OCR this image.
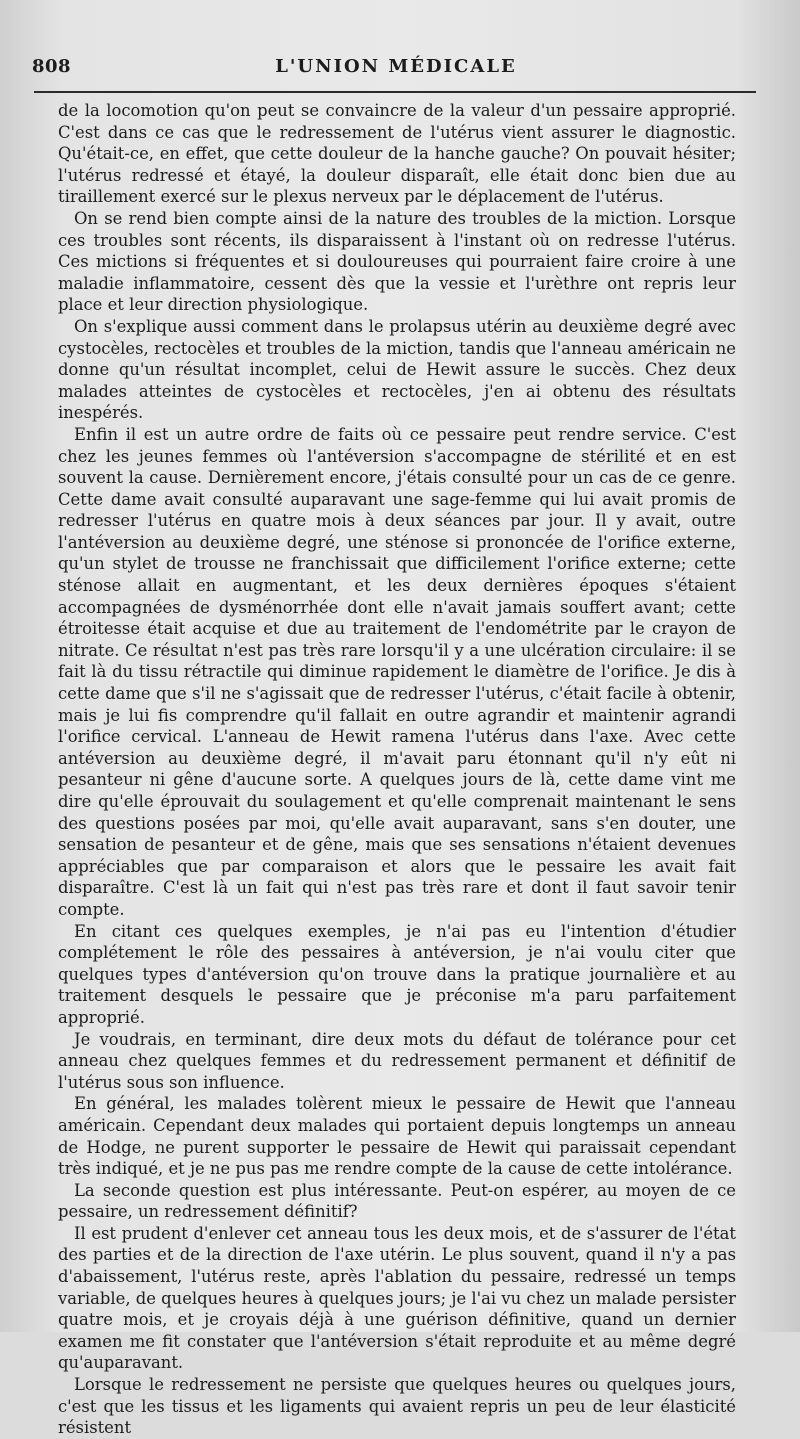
808	L'UNION MÉDICALE

de la locomotion qu'on peut se convaincre de la valeur d'un pessaire approprié. C'est dans ce cas que le redressement de l'utérus vient assurer le diagnostic. Qu'était-ce, en effet, que cette douleur de la hanche gauche? On pouvait hésiter; l'utérus redressé et étayé, la douleur disparaît, elle était donc bien due au tiraillement exercé sur le plexus nerveux par le déplacement de l'utérus.

On se rend bien compte ainsi de la nature des troubles de la miction. Lorsque ces troubles sont récents, ils disparaissent à l'instant où on redresse l'utérus. Ces mictions si fréquentes et si douloureuses qui pourraient faire croire à une maladie inflammatoire, cessent dès que la vessie et l'urèthre ont repris leur place et leur direction physiologique.

On s'explique aussi comment dans le prolapsus utérin au deuxième degré avec cystocèles, rectocèles et troubles de la miction, tandis que l'anneau américain ne donne qu'un résultat incomplet, celui de Hewit assure le succès. Chez deux malades atteintes de cystocèles et rectocèles, j'en ai obtenu des résultats inespérés.

Enfin il est un autre ordre de faits où ce pessaire peut rendre service. C'est chez les jeunes femmes où l'antéversion s'accompagne de stérilité et en est souvent la cause. Dernièrement encore, j'étais consulté pour un cas de ce genre. Cette dame avait consulté auparavant une sage-femme qui lui avait promis de redresser l'utérus en quatre mois à deux séances par jour. Il y avait, outre l'antéversion au deuxième degré, une sténose si prononcée de l'orifice externe, qu'un stylet de trousse ne franchissait que difficilement l'orifice externe; cette sténose allait en augmentant, et les deux dernières époques s'étaient accompagnées de dysménorrhée dont elle n'avait jamais souffert avant; cette étroitesse était acquise et due au traitement de l'endométrite par le crayon de nitrate. Ce résultat n'est pas très rare lorsqu'il y a une ulcération circulaire: il se fait là du tissu rétractile qui diminue rapidement le diamètre de l'orifice. Je dis à cette dame que s'il ne s'agissait que de redresser l'utérus, c'était facile à obtenir, mais je lui fis comprendre qu'il fallait en outre agrandir et maintenir agrandi l'orifice cervical. L'anneau de Hewit ramena l'utérus dans l'axe. Avec cette antéversion au deuxième degré, il m'avait paru étonnant qu'il n'y eût ni pesanteur ni gêne d'aucune sorte. A quelques jours de là, cette dame vint me dire qu'elle éprouvait du soulagement et qu'elle comprenait maintenant le sens des questions posées par moi, qu'elle avait auparavant, sans s'en douter, une sensation de pesanteur et de gêne, mais que ses sensations n'étaient devenues appréciables que par comparaison et alors que le pessaire les avait fait disparaître. C'est là un fait qui n'est pas très rare et dont il faut savoir tenir compte.

En citant ces quelques exemples, je n'ai pas eu l'intention d'étudier complétement le rôle des pessaires à antéversion, je n'ai voulu citer que quelques types d'antéversion qu'on trouve dans la pratique journalière et au traitement desquels le pessaire que je préconise m'a paru parfaitement approprié.

Je voudrais, en terminant, dire deux mots du défaut de tolérance pour cet anneau chez quelques femmes et du redressement permanent et définitif de l'utérus sous son influence.

En général, les malades tolèrent mieux le pessaire de Hewit que l'anneau américain. Cependant deux malades qui portaient depuis longtemps un anneau de Hodge, ne purent supporter le pessaire de Hewit qui paraissait cependant très indiqué, et je ne pus pas me rendre compte de la cause de cette intolérance.

La seconde question est plus intéressante. Peut-on espérer, au moyen de ce pessaire, un redressement définitif?

Il est prudent d'enlever cet anneau tous les deux mois, et de s'assurer de l'état des parties et de la direction de l'axe utérin. Le plus souvent, quand il n'y a pas d'abaissement, l'utérus reste, après l'ablation du pessaire, redressé un temps variable, de quelques heures à quelques jours; je l'ai vu chez un malade persister quatre mois, et je croyais déjà à une guérison définitive, quand un dernier examen me fit constater que l'antéversion s'était reproduite et au même degré qu'auparavant.

Lorsque le redressement ne persiste que quelques heures ou quelques jours, c'est que les tissus et les ligaments qui avaient repris un peu de leur élasticité résistent
